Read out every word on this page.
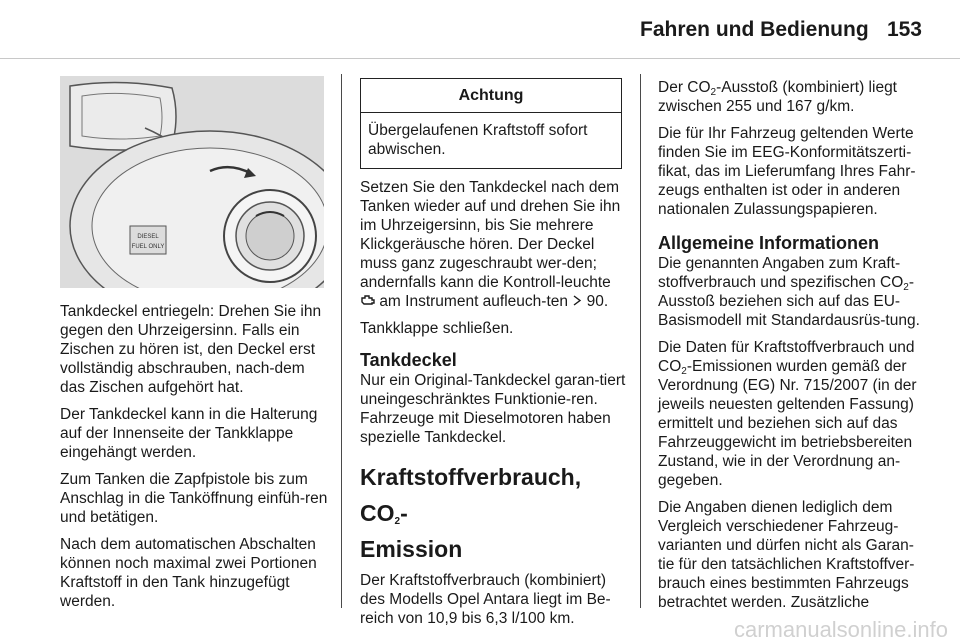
Fahren und Bedienung 153
DIESEL
FUEL ONLY

Tankdeckel entriegeln: Drehen Sie ihn gegen den Uhrzeigersinn. Falls ein Zischen zu hören ist, den Deckel erst vollständig abschrauben, nach-dem das Zischen aufgehört hat.

Der Tankdeckel kann in die Halterung auf der Innenseite der Tankklappe eingehängt werden.

Zum Tanken die Zapfpistole bis zum Anschlag in die Tanköffnung einfüh-ren und betätigen.

Nach dem automatischen Abschalten können noch maximal zwei Portionen Kraftstoff in den Tank hinzugefügt werden.

Achtung
Übergelaufenen Kraftstoff sofort abwischen.

Setzen Sie den Tankdeckel nach dem Tanken wieder auf und drehen Sie ihn im Uhrzeigersinn, bis Sie mehrere Klickgeräusche hören. Der Deckel muss ganz zugeschraubt wer-den; andernfalls kann die Kontroll-leuchte  am Instrument aufleuch-ten 90.

Tankklappe schließen.

Tankdeckel

Nur ein Original-Tankdeckel garan-tiert uneingeschränktes Funktionie-ren. Fahrzeuge mit Dieselmotoren haben spezielle Tankdeckel.

Kraftstoffverbrauch, $CO_2-$
Emission

Der Kraftstoffverbrauch (kombiniert) des Modells Opel Antara liegt im Be-reich von 10,9 bis 6,3 l/100 km.

Der $CO_2$-Ausstoß (kombiniert) liegt zwischen 255 und 167 g/km.

Die für Ihr Fahrzeug geltenden Werte finden Sie im EEG-Konformitätszerti-fikat, das im Lieferumfang Ihres Fahr-zeugs enthalten ist oder in anderen nationalen Zulassungspapieren.

Allgemeine Informationen

Die genannten Angaben zum Kraft-stoffverbrauch und spezifischen $CO_2$-Ausstoß beziehen sich auf das EU-Basismodell mit Standardausrüs-tung.

Die Daten für Kraftstoffverbrauch und $CO_2$-Emissionen wurden gemäß der Verordnung (EG) Nr. 715/2007 (in der jeweils neuesten geltenden Fassung) ermittelt und beziehen sich auf das Fahrzeuggewicht im betriebsbereiten Zustand, wie in der Verordnung an-gegeben.

Die Angaben dienen lediglich dem Vergleich verschiedener Fahrzeug-varianten und dürfen nicht als Garan-tie für den tatsächlichen Kraftstoffver-brauch eines bestimmten Fahrzeugs betrachtet werden. Zusätzliche

carmanualsonline.info
